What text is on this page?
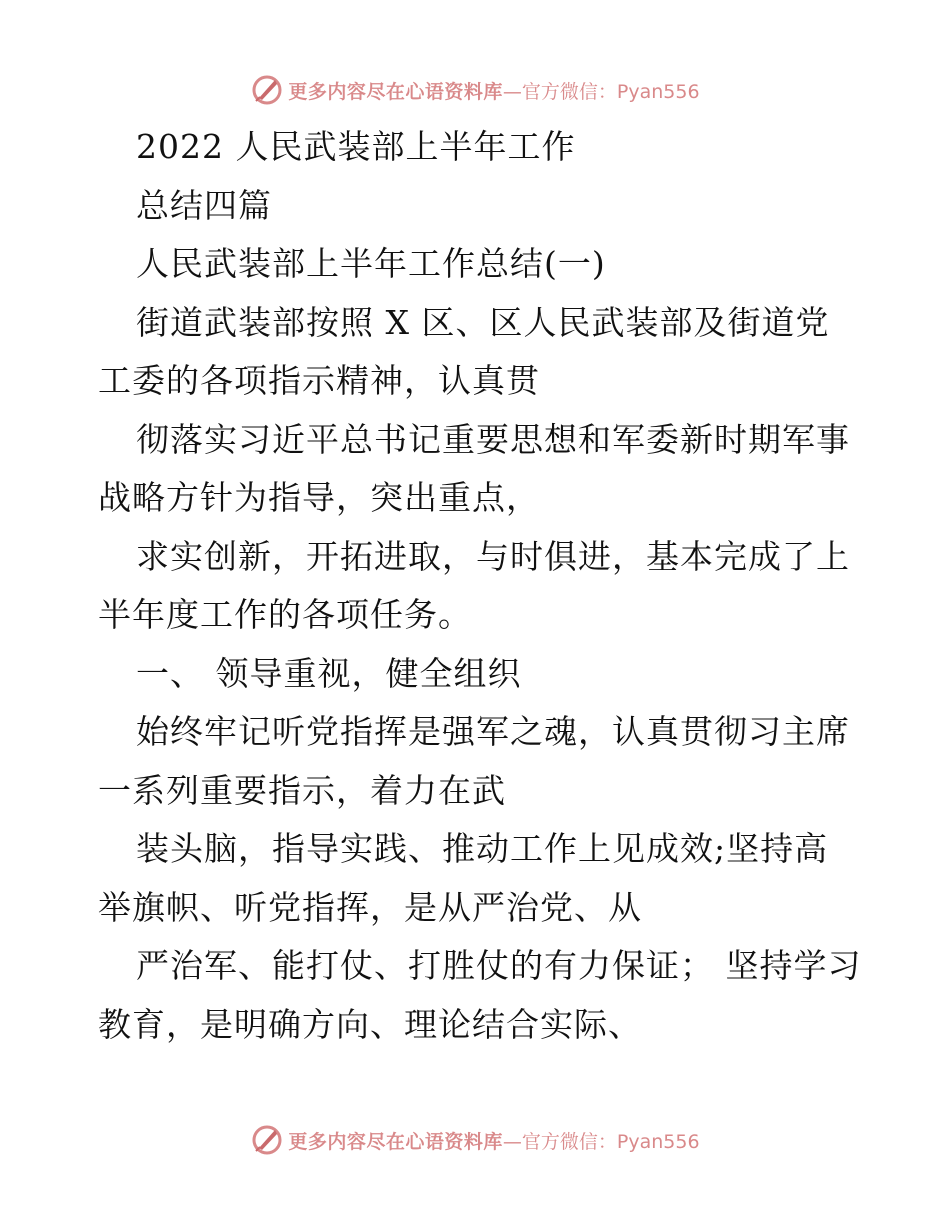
更多内容尽在心语资料库 —官方微信：Pyan556
2022 人民武装部上半年工作
总结四篇
人民武装部上半年工作总结(一)
街道武装部按照 X 区、区人民武装部及街道党
工委的各项指示精神，认真贯
彻落实习近平总书记重要思想和军委新时期军事
战略方针为指导，突出重点，
求实创新，开拓进取，与时俱进，基本完成了上
半年度工作的各项任务。
一、 领导重视，健全组织
始终牢记听党指挥是强军之魂，认真贯彻习主席
一系列重要指示，着力在武
装头脑，指导实践、推动工作上见成效;坚持高
举旗帜、听党指挥，是从严治党、从
严治军、能打仗、打胜仗的有力保证； 坚持学习
教育，是明确方向、理论结合实际、
更多内容尽在心语资料库 —官方微信：Pyan556
